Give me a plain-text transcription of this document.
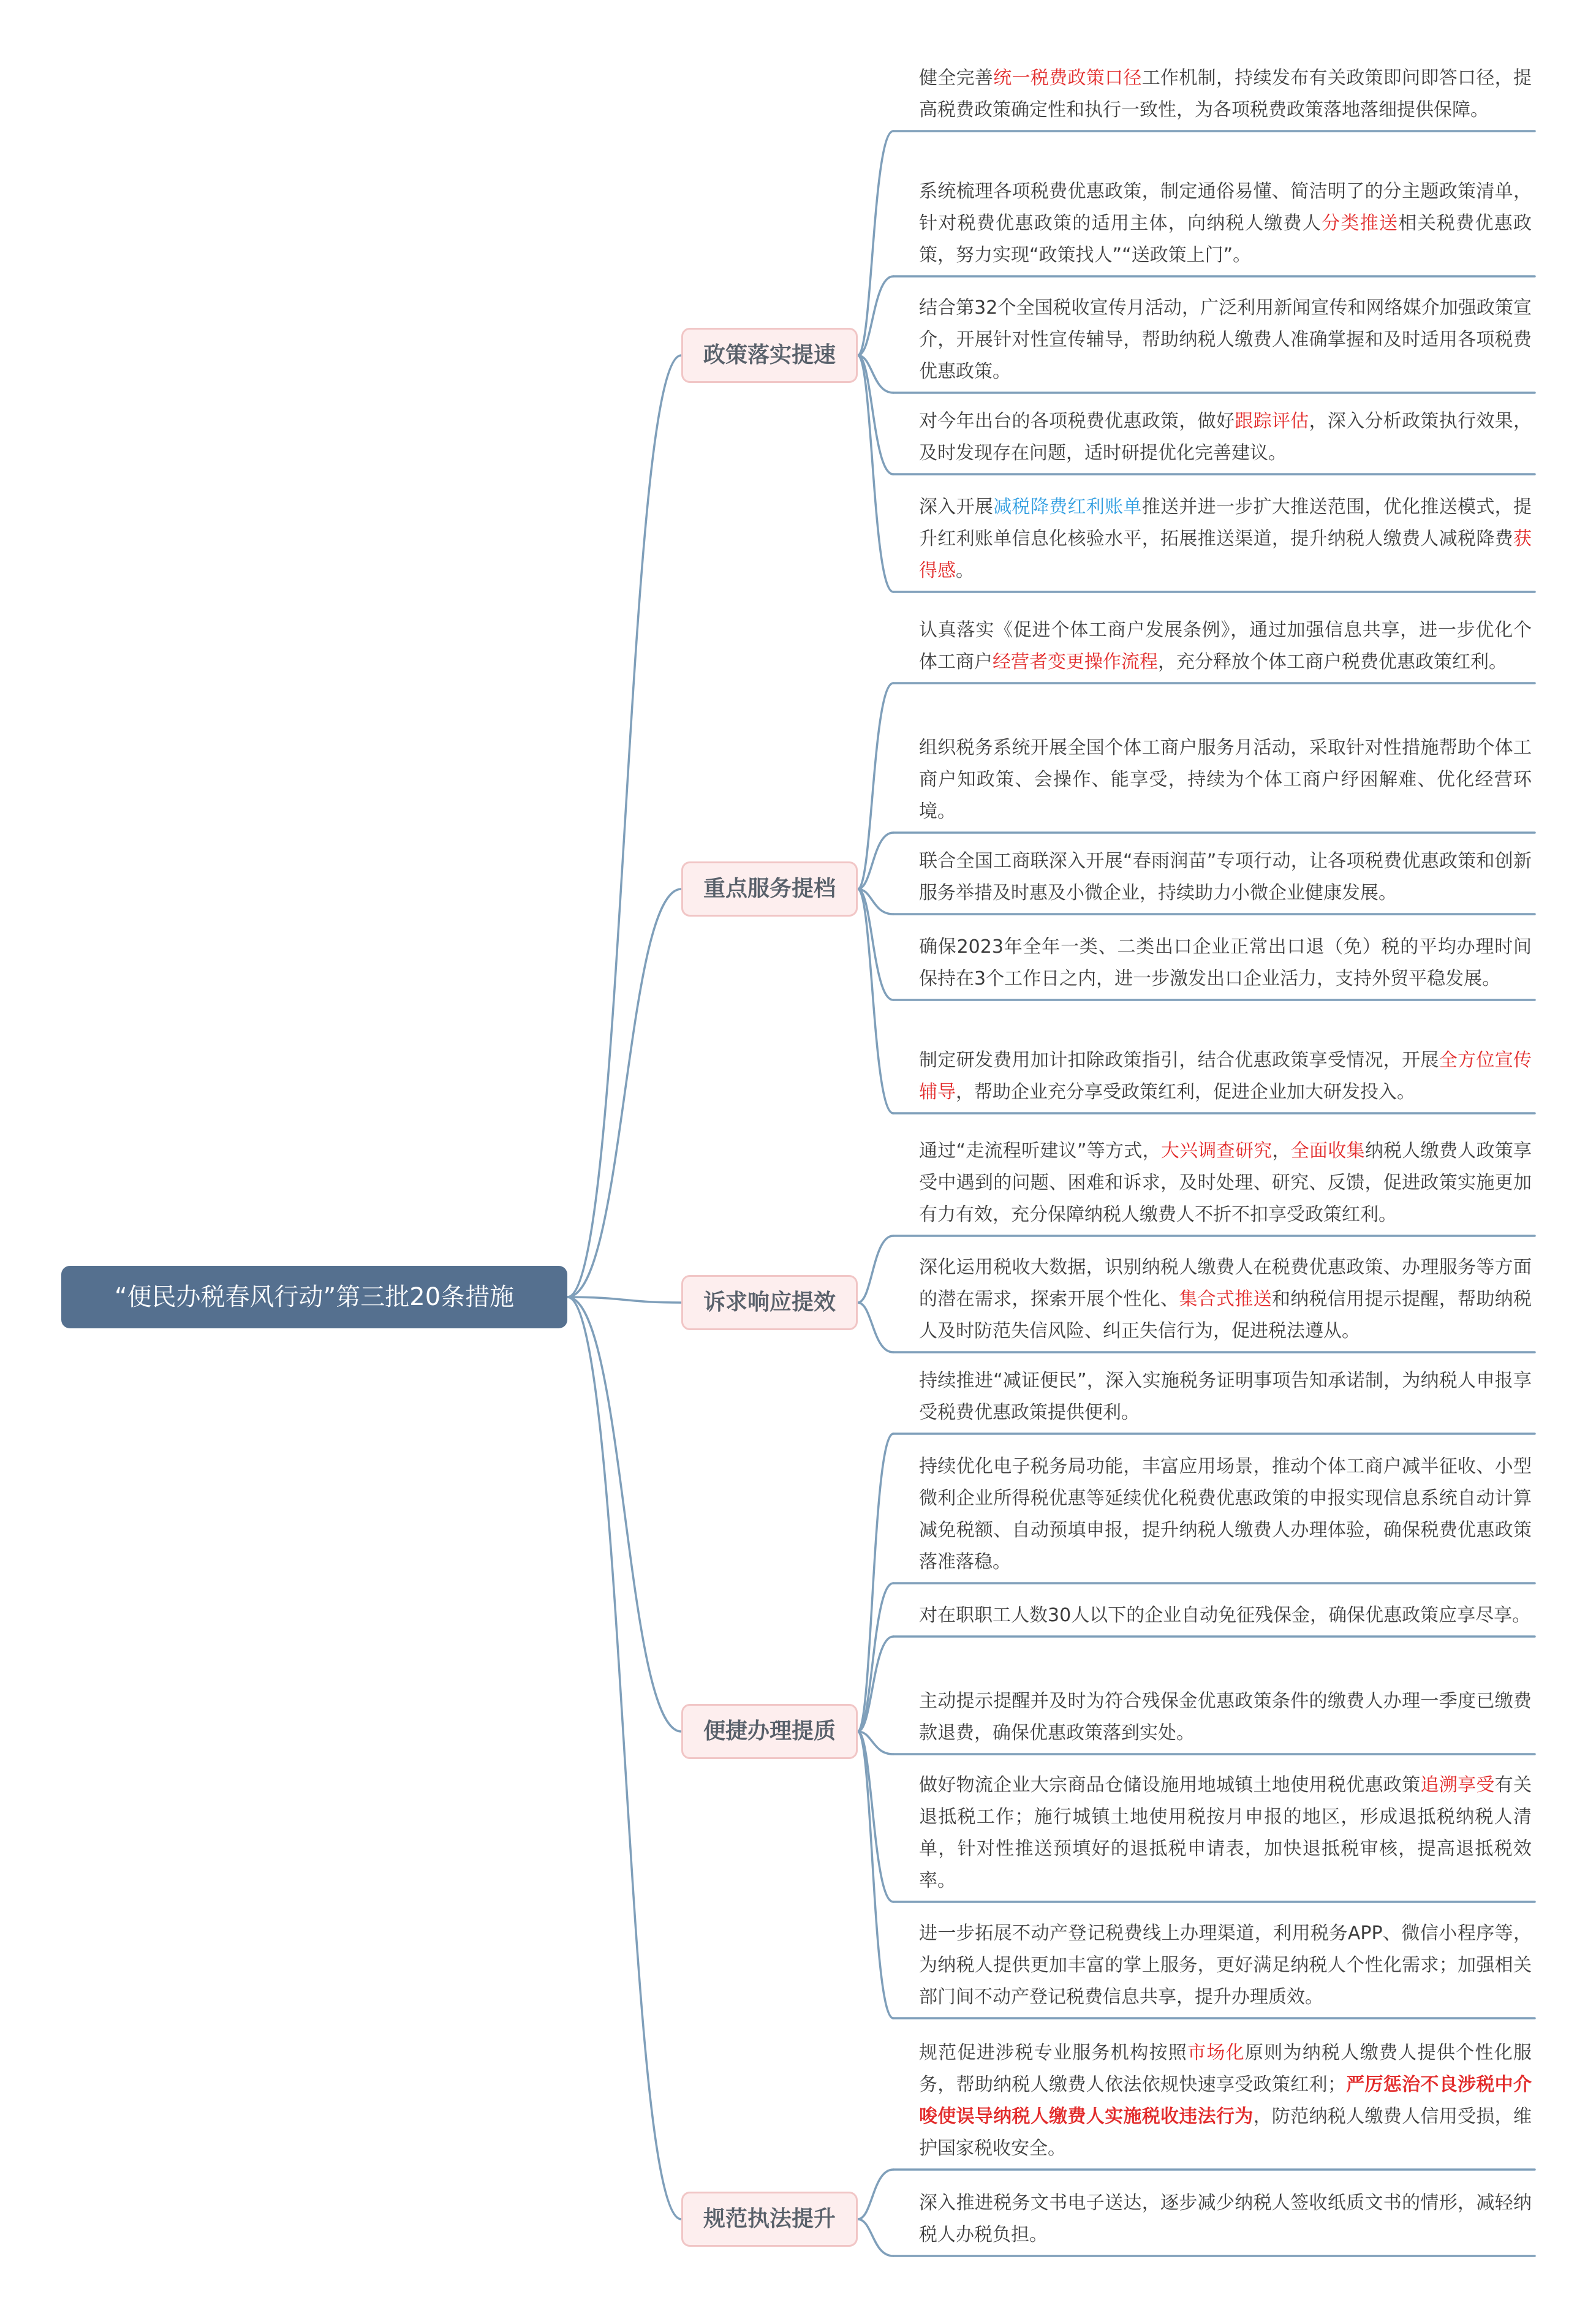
“便民办税春风行动”第三批20条措施
政策落实提速
重点服务提档
诉求响应提效
便捷办理提质
规范执法提升
健全完善统一税费政策口径工作机制，持续发布有关政策即问即答口径，提高税费政策确定性和执行一致性，为各项税费政策落地落细提供保障。
系统梳理各项税费优惠政策，制定通俗易懂、简洁明了的分主题政策清单，针对税费优惠政策的适用主体，向纳税人缴费人分类推送相关税费优惠政策，努力实现“政策找人”“送政策上门”。
结合第32个全国税收宣传月活动，广泛利用新闻宣传和网络媒介加强政策宣介，开展针对性宣传辅导，帮助纳税人缴费人准确掌握和及时适用各项税费优惠政策。
对今年出台的各项税费优惠政策，做好跟踪评估，深入分析政策执行效果，及时发现存在问题，适时研提优化完善建议。
深入开展减税降费红利账单推送并进一步扩大推送范围，优化推送模式，提升红利账单信息化核验水平，拓展推送渠道，提升纳税人缴费人减税降费获得感。
认真落实《促进个体工商户发展条例》，通过加强信息共享，进一步优化个体工商户经营者变更操作流程，充分释放个体工商户税费优惠政策红利。
组织税务系统开展全国个体工商户服务月活动，采取针对性措施帮助个体工商户知政策、会操作、能享受，持续为个体工商户纾困解难、优化经营环境。
联合全国工商联深入开展“春雨润苗”专项行动，让各项税费优惠政策和创新服务举措及时惠及小微企业，持续助力小微企业健康发展。
确保2023年全年一类、二类出口企业正常出口退（免）税的平均办理时间保持在3个工作日之内，进一步激发出口企业活力，支持外贸平稳发展。
制定研发费用加计扣除政策指引，结合优惠政策享受情况，开展全方位宣传辅导，帮助企业充分享受政策红利，促进企业加大研发投入。
通过“走流程听建议”等方式，大兴调查研究，全面收集纳税人缴费人政策享受中遇到的问题、困难和诉求，及时处理、研究、反馈，促进政策实施更加有力有效，充分保障纳税人缴费人不折不扣享受政策红利。
深化运用税收大数据，识别纳税人缴费人在税费优惠政策、办理服务等方面的潜在需求，探索开展个性化、集合式推送和纳税信用提示提醒，帮助纳税人及时防范失信风险、纠正失信行为，促进税法遵从。
持续推进“减证便民”，深入实施税务证明事项告知承诺制，为纳税人申报享受税费优惠政策提供便利。
持续优化电子税务局功能，丰富应用场景，推动个体工商户减半征收、小型微利企业所得税优惠等延续优化税费优惠政策的申报实现信息系统自动计算减免税额、自动预填申报，提升纳税人缴费人办理体验，确保税费优惠政策落准落稳。
对在职职工人数30人以下的企业自动免征残保金，确保优惠政策应享尽享。
主动提示提醒并及时为符合残保金优惠政策条件的缴费人办理一季度已缴费款退费，确保优惠政策落到实处。
做好物流企业大宗商品仓储设施用地城镇土地使用税优惠政策追溯享受有关退抵税工作；施行城镇土地使用税按月申报的地区，形成退抵税纳税人清单，针对性推送预填好的退抵税申请表，加快退抵税审核，提高退抵税效率。
进一步拓展不动产登记税费线上办理渠道，利用税务APP、微信小程序等，为纳税人提供更加丰富的掌上服务，更好满足纳税人个性化需求；加强相关部门间不动产登记税费信息共享，提升办理质效。
规范促进涉税专业服务机构按照市场化原则为纳税人缴费人提供个性化服务，帮助纳税人缴费人依法依规快速享受政策红利；严厉惩治不良涉税中介唆使误导纳税人缴费人实施税收违法行为，防范纳税人缴费人信用受损，维护国家税收安全。
深入推进税务文书电子送达，逐步减少纳税人签收纸质文书的情形，减轻纳税人办税负担。
